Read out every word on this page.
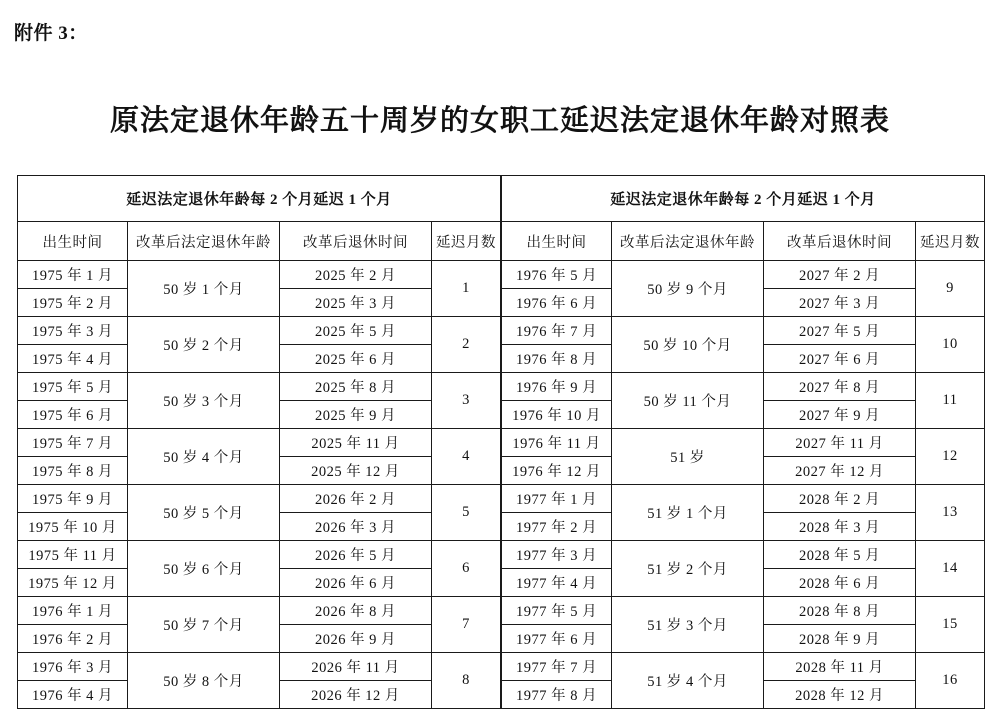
附件 3：
原法定退休年龄五十周岁的女职工延迟法定退休年龄对照表
延迟法定退休年龄每 2 个月延迟 1 个月			
出生时间	改革后法定退休年龄	改革后退休时间	延迟月数
1975 年 1 月	50 岁 1 个月	2025 年 2 月	1
1975 年 2 月		2025 年 3 月	
1975 年 3 月	50 岁 2 个月	2025 年 5 月	2
1975 年 4 月		2025 年 6 月	
1975 年 5 月	50 岁 3 个月	2025 年 8 月	3
1975 年 6 月		2025 年 9 月	
1975 年 7 月	50 岁 4 个月	2025 年 11 月	4
1975 年 8 月		2025 年 12 月	
1975 年 9 月	50 岁 5 个月	2026 年 2 月	5
1975 年 10 月		2026 年 3 月	
1975 年 11 月	50 岁 6 个月	2026 年 5 月	6
1975 年 12 月		2026 年 6 月	
1976 年 1 月	50 岁 7 个月	2026 年 8 月	7
1976 年 2 月		2026 年 9 月	
1976 年 3 月	50 岁 8 个月	2026 年 11 月	8
1976 年 4 月		2026 年 12 月	
延迟法定退休年龄每 2 个月延迟 1 个月			
出生时间	改革后法定退休年龄	改革后退休时间	延迟月数
1976 年 5 月	50 岁 9 个月	2027 年 2 月	9
1976 年 6 月		2027 年 3 月	
1976 年 7 月	50 岁 10 个月	2027 年 5 月	10
1976 年 8 月		2027 年 6 月	
1976 年 9 月	50 岁 11 个月	2027 年 8 月	11
1976 年 10 月		2027 年 9 月	
1976 年 11 月	51 岁	2027 年 11 月	12
1976 年 12 月		2027 年 12 月	
1977 年 1 月	51 岁 1 个月	2028 年 2 月	13
1977 年 2 月		2028 年 3 月	
1977 年 3 月	51 岁 2 个月	2028 年 5 月	14
1977 年 4 月		2028 年 6 月	
1977 年 5 月	51 岁 3 个月	2028 年 8 月	15
1977 年 6 月		2028 年 9 月	
1977 年 7 月	51 岁 4 个月	2028 年 11 月	16
1977 年 8 月		2028 年 12 月	
